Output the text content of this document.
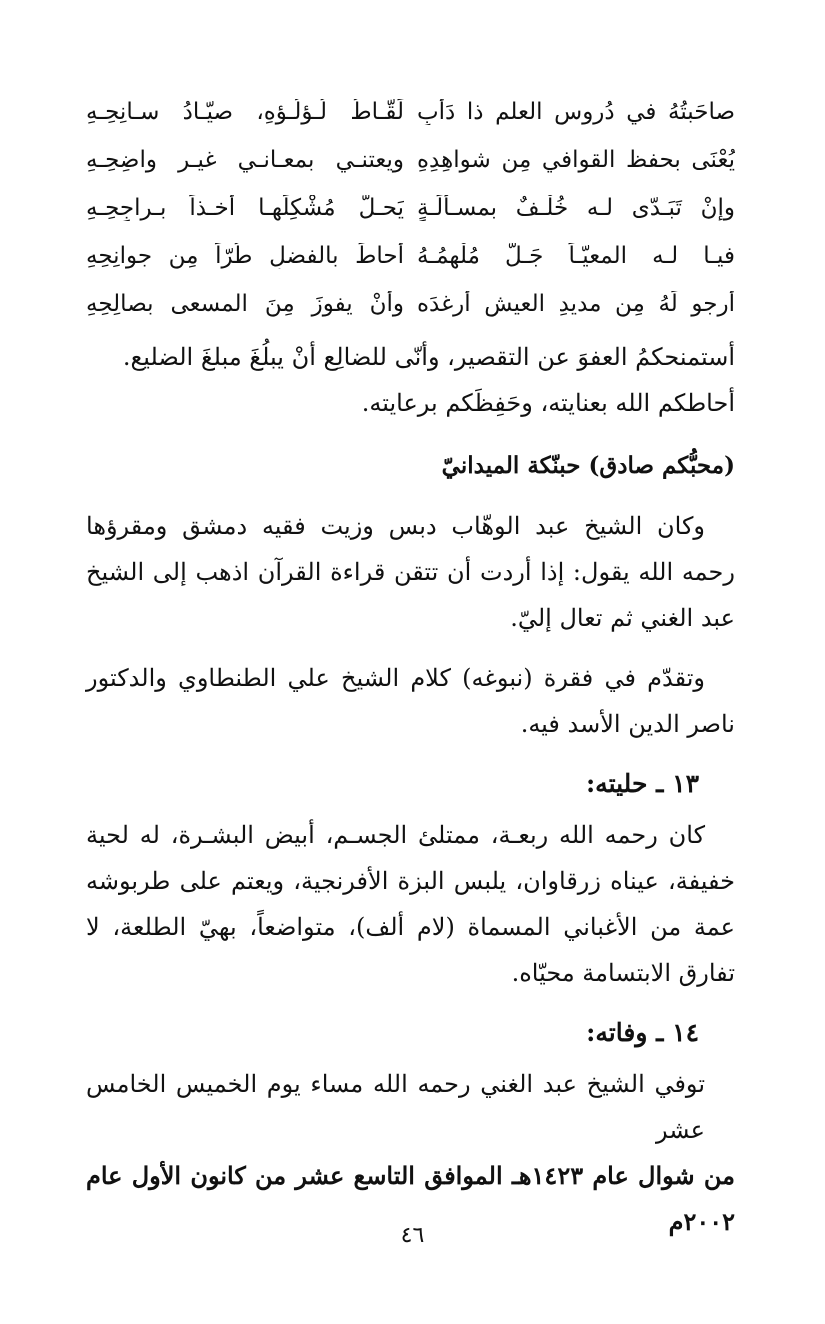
صاحَبتُهُ في دُروسِ العلم ذا دَأَبٍ
لَقّـاطُ لُـؤلُـؤِهِ، صيّـادُ سـانِحِـهِ
يُعْنَى بحفظ القوافي مِن شواهِدِهِ
ويعتنـي بمعـانـي غيـر واضِحِـهِ
وإنْ تَبَـدّى لـه خُلْـفٌ بمسـألَـةٍ
يَحـلُّ مُشْكِلَهـا أخـذاً بـراجِحِـهِ
فيـا لـه المعيّـاً جَـلَّ مُلْهِمُـهُ
أحاطَ بالفضلِ طُرّاً مِن جوانِحِهِ
أرجو لَهُ مِن مديدِ العيشِ أرغدَه
وأنْ يفوزَ مِنَ المسعى بصالِحِهِ

أستمنحكمُ العفوَ عن التقصير، وأنّى للضالِع أنْ يبلُغَ مبلغَ الضليع.

أحاطكم الله بعنايته، وحَفِظَكم برعايته.

(محبُّكم صادق) حبنّكة الميدانيّ

وكان الشيخ عبد الوهّاب دبس وزيت فقيه دمشق ومقرؤها رحمه الله يقول: إذا أردت أن تتقن قراءة القرآن اذهب إلى الشيخ عبد الغني ثم تعال إليّ.

وتقدّم في فقرة (نبوغه) كلام الشيخ علي الطنطاوي والدكتور ناصر الدين الأسد فيه.

١٣ ـ حليته:

كان رحمه الله ربعـة، ممتلئ الجسـم، أبيض البشـرة، له لحية خفيفة، عيناه زرقاوان، يلبس البزة الأفرنجية، ويعتم على طربوشه عمة من الأغباني المسماة (لام ألف)، متواضعاً، بهيّ الطلعة، لا تفارق الابتسامة محيّاه.

١٤ ـ وفاته:
توفي الشيخ عبد الغني رحمه الله مساء يوم الخميس الخامس عشر
من شوال عام ١٤٢٣هـ الموافق التاسع عشر من كانون الأول عام ٢٠٠٢م
٤٦
